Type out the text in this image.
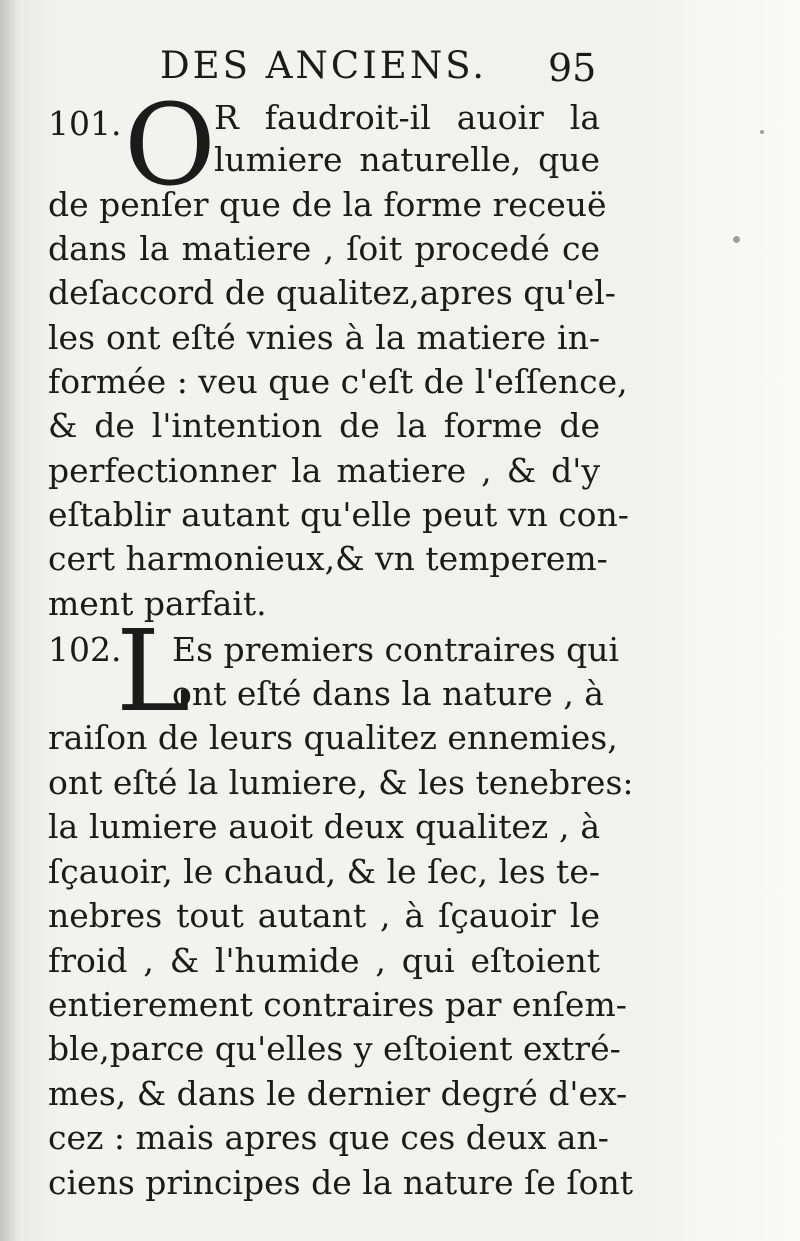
DES ANCIENS. 95
101. O
R faudroit-il auoir la
lumiere naturelle, que
de penſer que de la forme receuë
dans la matiere , ſoit procedé ce
deſaccord de qualitez,apres qu'el-
les ont eſté vnies à la matiere in-
formée : veu que c'eſt de l'eſſence,
& de l'intention de la forme de
perfectionner la matiere , & d'y
eſtablir autant qu'elle peut vn con-
cert harmonieux,& vn temperem-
ment parfait.
102.
L
Es premiers contraires qui
ont eſté dans la nature , à
raiſon de leurs qualitez ennemies,
ont eſté la lumiere, & les tenebres:
la lumiere auoit deux qualitez , à
ſçauoir, le chaud, & le ſec, les te-
nebres tout autant , à ſçauoir le
froid , & l'humide , qui eſtoient
entierement contraires par enſem-
ble,parce qu'elles y eſtoient extré-
mes, & dans le dernier degré d'ex-
cez : mais apres que ces deux an-
ciens principes de la nature ſe ſont
